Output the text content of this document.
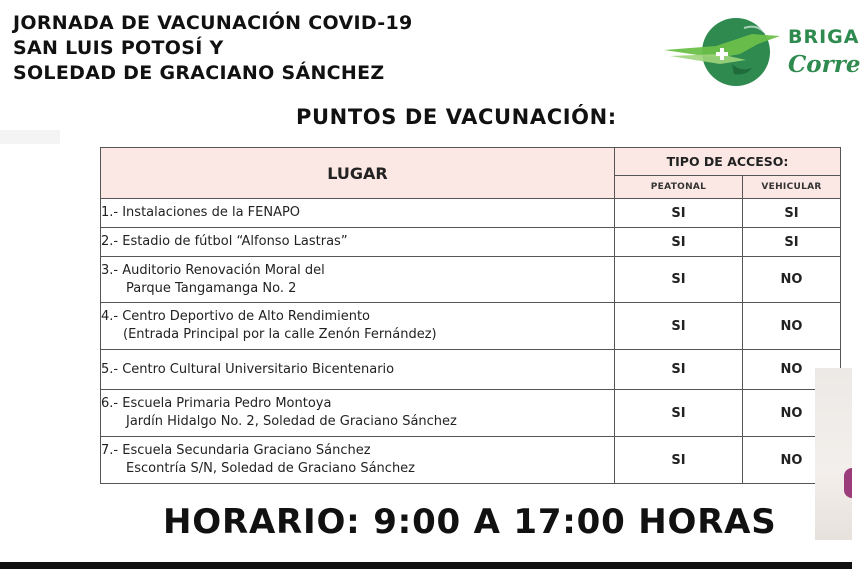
JORNADA DE VACUNACIÓN COVID-19
SAN LUIS POTOSÍ Y
SOLEDAD DE GRACIANO SÁNCHEZ
BRIGA
Corre
PUNTOS DE VACUNACIÓN:
LUGAR	TIPO DE ACCESO:	
	PEATONAL	VEHICULAR

1.- Instalaciones de la FENAPO	SI	SI

2.- Estadio de fútbol “Alfonso Lastras”	SI	SI

3.- Auditorio Renovación Moral del
Parque Tangamanga No. 2	SI	NO

4.- Centro Deportivo de Alto Rendimiento
(Entrada Principal por la calle Zenón Fernández)	SI	NO

5.- Centro Cultural Universitario Bicentenario	SI	NO

6.- Escuela Primaria Pedro Montoya
Jardín Hidalgo No. 2, Soledad de Graciano Sánchez	SI	NO

7.- Escuela Secundaria Graciano Sánchez
Escontría S/N, Soledad de Graciano Sánchez	SI	NO
HORARIO: 9:00 A 17:00 HORAS
